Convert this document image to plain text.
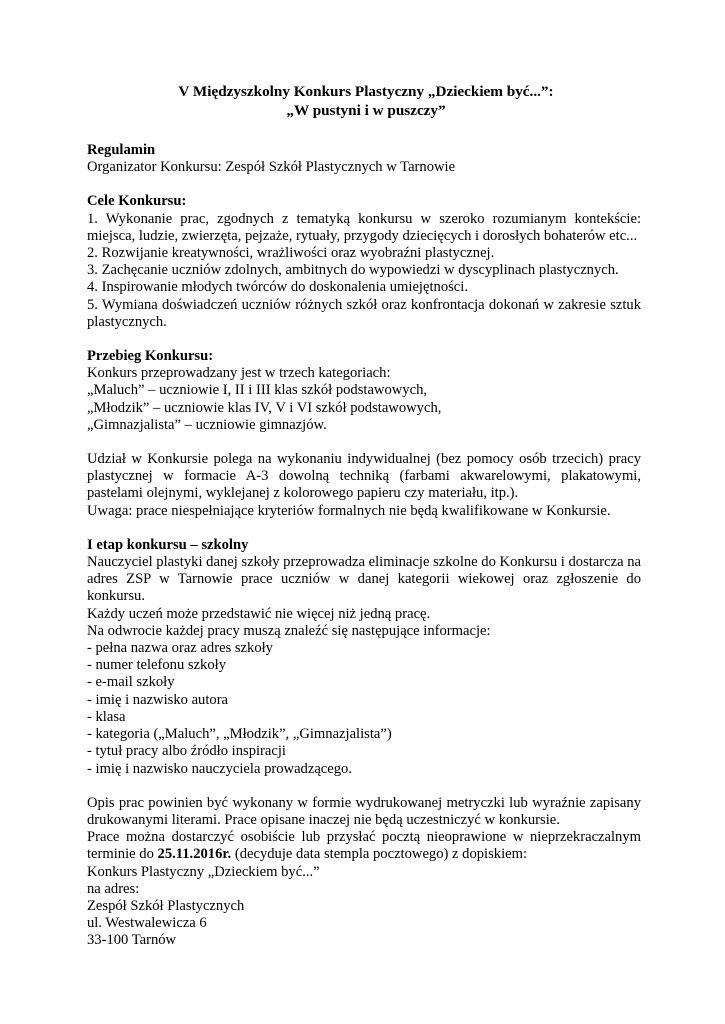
V Międzyszkolny Konkurs Plastyczny „Dzieckiem być...”:

„W pustyni i w puszczy”

Regulamin

Organizator Konkursu: Zespół Szkół Plastycznych w Tarnowie

Cele Konkursu:

1. Wykonanie prac, zgodnych z tematyką konkursu w szeroko rozumianym kontekście: miejsca, ludzie, zwierzęta, pejzaże, rytuały, przygody dziecięcych i dorosłych bohaterów etc...

2. Rozwijanie kreatywności, wrażliwości oraz wyobraźni plastycznej.

3. Zachęcanie uczniów zdolnych, ambitnych do wypowiedzi w dyscyplinach plastycznych.

4. Inspirowanie młodych twórców do doskonalenia umiejętności.

5. Wymiana doświadczeń uczniów różnych szkół oraz konfrontacja dokonań w zakresie sztuk plastycznych.

Przebieg Konkursu:

Konkurs przeprowadzany jest w trzech kategoriach:

„Maluch” – uczniowie I, II i III klas szkół podstawowych,

„Młodzik” – uczniowie klas IV, V i VI szkół podstawowych,

„Gimnazjalista” – uczniowie gimnazjów.

Udział w Konkursie polega na wykonaniu indywidualnej (bez pomocy osób trzecich) pracy plastycznej w formacie A-3 dowolną techniką (farbami akwarelowymi, plakatowymi, pastelami olejnymi, wyklejanej z kolorowego papieru czy materiału, itp.).

Uwaga: prace niespełniające kryteriów formalnych nie będą kwalifikowane w Konkursie.

I etap konkursu – szkolny

Nauczyciel plastyki danej szkoły przeprowadza eliminacje szkolne do Konkursu i dostarcza na adres ZSP w Tarnowie prace uczniów w danej kategorii wiekowej oraz zgłoszenie do konkursu.

Każdy uczeń może przedstawić nie więcej niż jedną pracę.

Na odwrocie każdej pracy muszą znaleźć się następujące informacje:

- pełna nazwa oraz adres szkoły

- numer telefonu szkoły

- e-mail szkoły

- imię i nazwisko autora

- klasa

- kategoria („Maluch”, „Młodzik”, „Gimnazjalista”)

- tytuł pracy albo źródło inspiracji

- imię i nazwisko nauczyciela prowadzącego.

Opis prac powinien być wykonany w formie wydrukowanej metryczki lub wyraźnie zapisany drukowanymi literami. Prace opisane inaczej nie będą uczestniczyć w konkursie.

Prace można dostarczyć osobiście lub przysłać pocztą nieoprawione w nieprzekraczalnym terminie do 25.11.2016r. (decyduje data stempla pocztowego) z dopiskiem:

Konkurs Plastyczny „Dzieckiem być...”

na adres:

Zespół Szkół Plastycznych

ul. Westwalewicza 6

33-100 Tarnów
